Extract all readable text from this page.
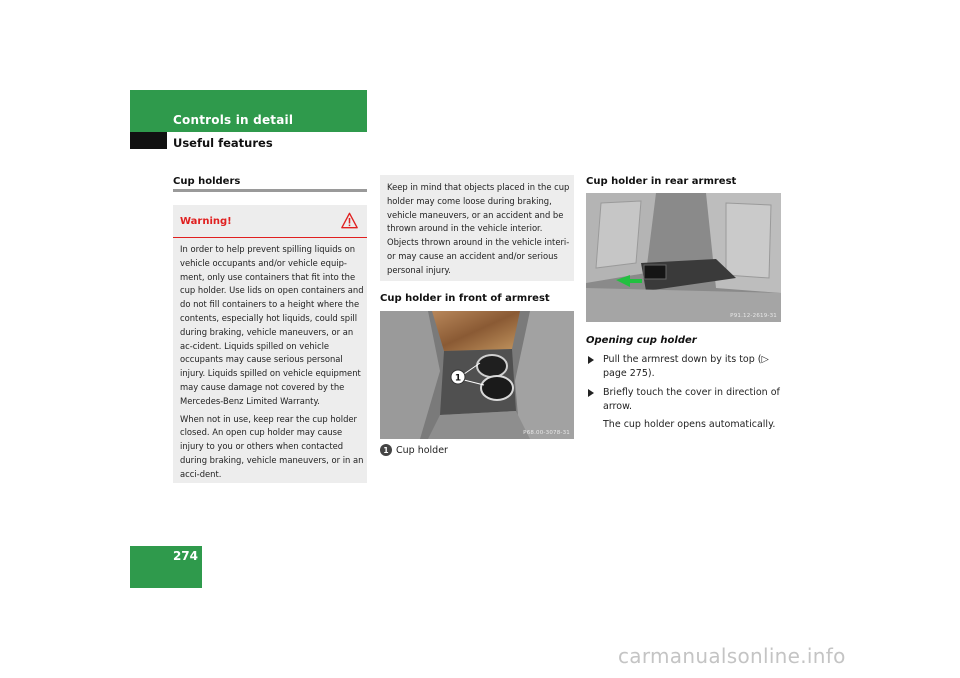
Controls in detail
Useful features
Cup holders
Warning!

In order to help prevent spilling liquids on vehicle occupants and/or vehicle equip-ment, only use containers that fit into the cup holder. Use lids on open containers and do not fill containers to a height where the contents, especially hot liquids, could spill during braking, vehicle maneuvers, or an ac-cident. Liquids spilled on vehicle occupants may cause serious personal injury. Liquids spilled on vehicle equipment may cause damage not covered by the Mercedes-Benz Limited Warranty.

When not in use, keep rear the cup holder closed. An open cup holder may cause injury to you or others when contacted during braking, vehicle maneuvers, or in an acci-dent.

Keep in mind that objects placed in the cup holder may come loose during braking, vehicle maneuvers, or an accident and be thrown around in the vehicle interior. Objects thrown around in the vehicle interi-or may cause an accident and/or serious personal injury.
Cup holder in front of armrest
1
P68.00-3078-31
1 Cup holder
Cup holder in rear armrest
P91.12-2619-31
Opening cup holder
Pull the armrest down by its top (▷ page 275).
Briefly touch the cover in direction of arrow.
The cup holder opens automatically.
274
carmanualsonline.info
